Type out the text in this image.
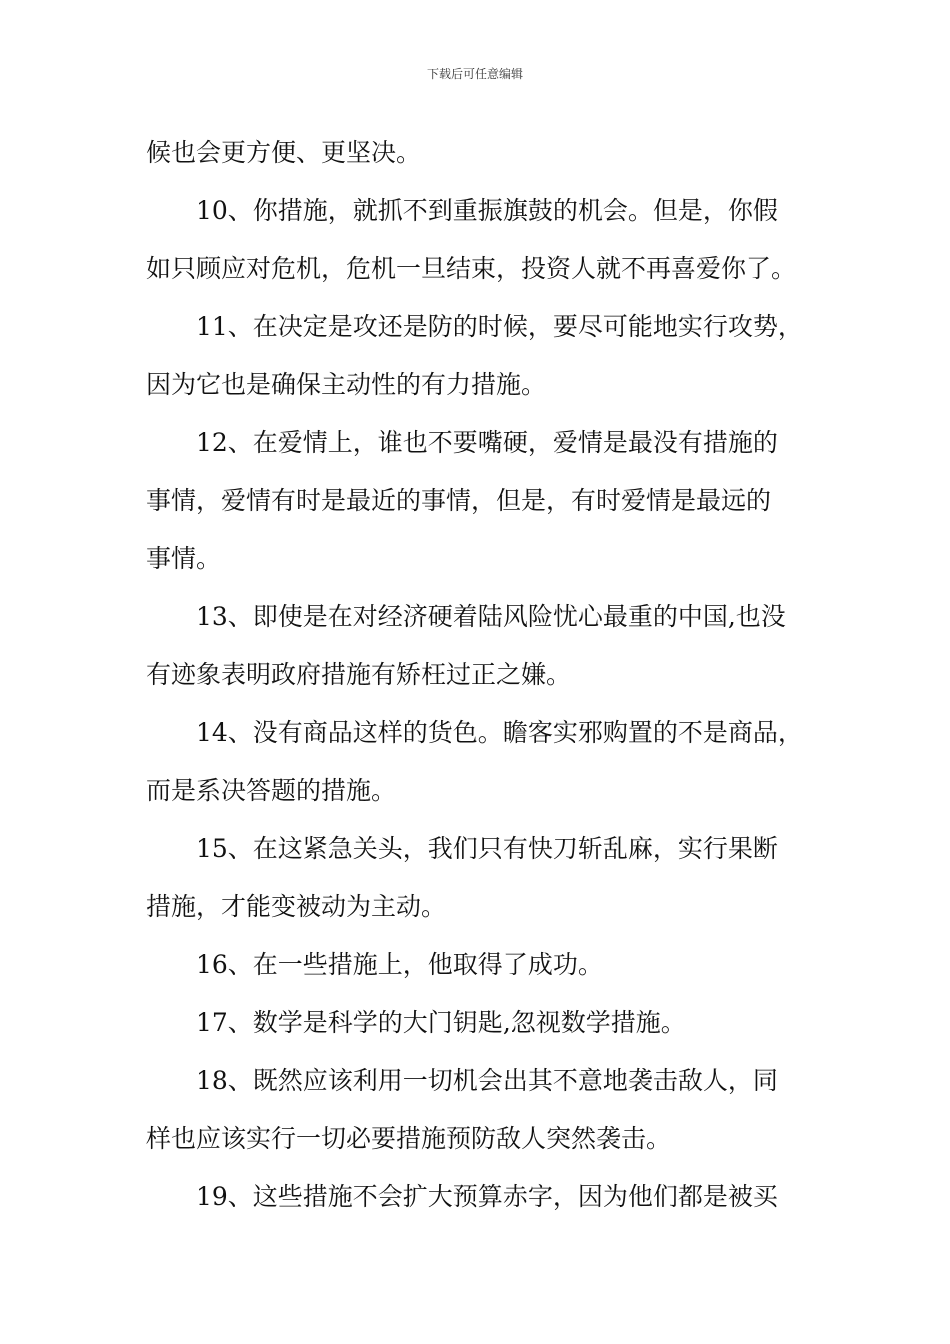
下载后可任意编辑
候也会更方便、更坚决。
10、你措施，就抓不到重振旗鼓的机会。但是，你假
如只顾应对危机，危机一旦结束，投资人就不再喜爱你了。
11、在决定是攻还是防的时候，要尽可能地实行攻势，
因为它也是确保主动性的有力措施。
12、在爱情上，谁也不要嘴硬，爱情是最没有措施的
事情，爱情有时是最近的事情，但是，有时爱情是最远的
事情。
13、即使是在对经济硬着陆风险忧心最重的中国,也没
有迹象表明政府措施有矫枉过正之嫌。
14、没有商品这样的货色。瞻客实邪购置的不是商品，
而是系决答题的措施。
15、在这紧急关头，我们只有快刀斩乱麻，实行果断
措施，才能变被动为主动。
16、在一些措施上，他取得了成功。
17、数学是科学的大门钥匙,忽视数学措施。
18、既然应该利用一切机会出其不意地袭击敌人，同
样也应该实行一切必要措施预防敌人突然袭击。
19、这些措施不会扩大预算赤字，因为他们都是被买
